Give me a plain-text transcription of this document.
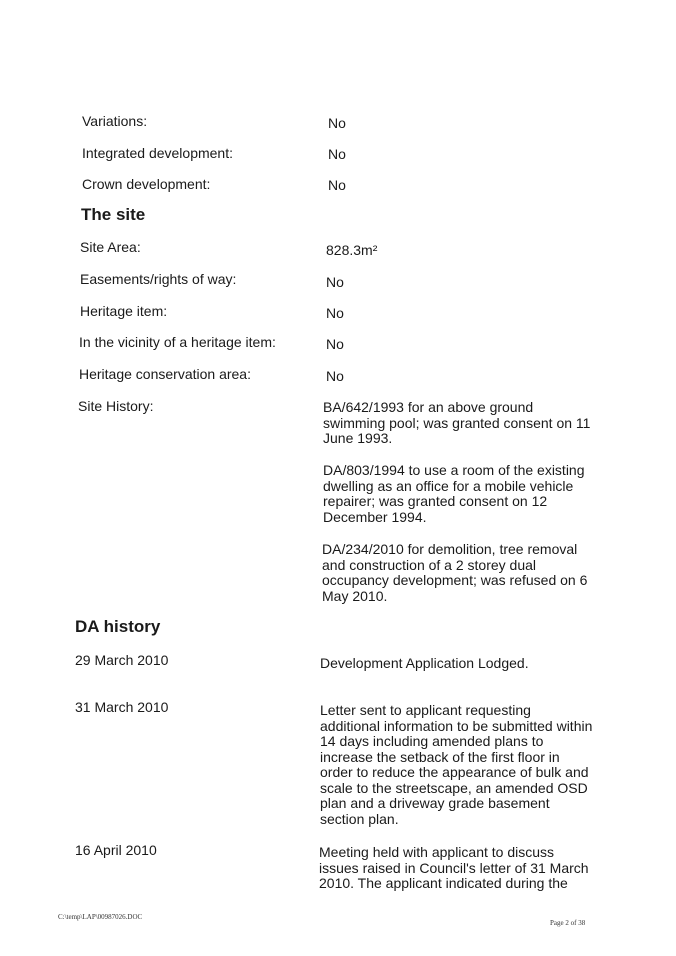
Variations:	No
Integrated development:	No
Crown development:	No
The site
Site Area:	828.3m²
Easements/rights of way:	No
Heritage item:	No
In the vicinity of a heritage item:	No
Heritage conservation area:	No
Site History:	BA/642/1993 for an above ground
swimming pool; was granted consent on 11
June 1993.
DA/803/1994 to use a room of the existing
dwelling as an office for a mobile vehicle
repairer; was granted consent on 12
December 1994.
DA/234/2010 for demolition, tree removal
and construction of a 2 storey dual
occupancy development; was refused on 6
May 2010.
DA history
29 March 2010	Development Application Lodged.
31 March 2010	Letter sent to applicant requesting
additional information to be submitted within
14 days including amended plans to
increase the setback of the first floor in
order to reduce the appearance of bulk and
scale to the streetscape, an amended OSD
plan and a driveway grade basement
section plan.
16 April 2010	Meeting held with applicant to discuss
issues raised in Council's letter of 31 March
2010. The applicant indicated during the
C:\temp\LAP\00987026.DOC
Page 2 of 38
